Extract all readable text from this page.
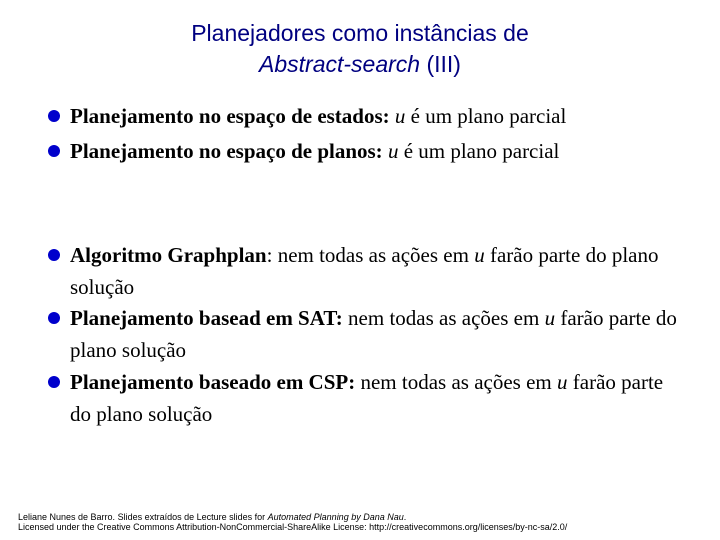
Planejadores como instâncias de
Abstract-search (III)
Planejamento no espaço de estados: u é um plano parcial
Planejamento no espaço de planos: u é um plano parcial
Algoritmo Graphplan: nem todas as ações em u farão parte do plano solução
Planejamento basead em SAT: nem todas as ações em u farão parte do plano solução
Planejamento baseado em CSP: nem todas as ações em u farão parte do plano solução
Leliane Nunes de Barro. Slides extraídos de Lecture slides for Automated Planning by Dana Nau.
Licensed under the Creative Commons Attribution-NonCommercial-ShareAlike License: http://creativecommons.org/licenses/by-nc-sa/2.0/
